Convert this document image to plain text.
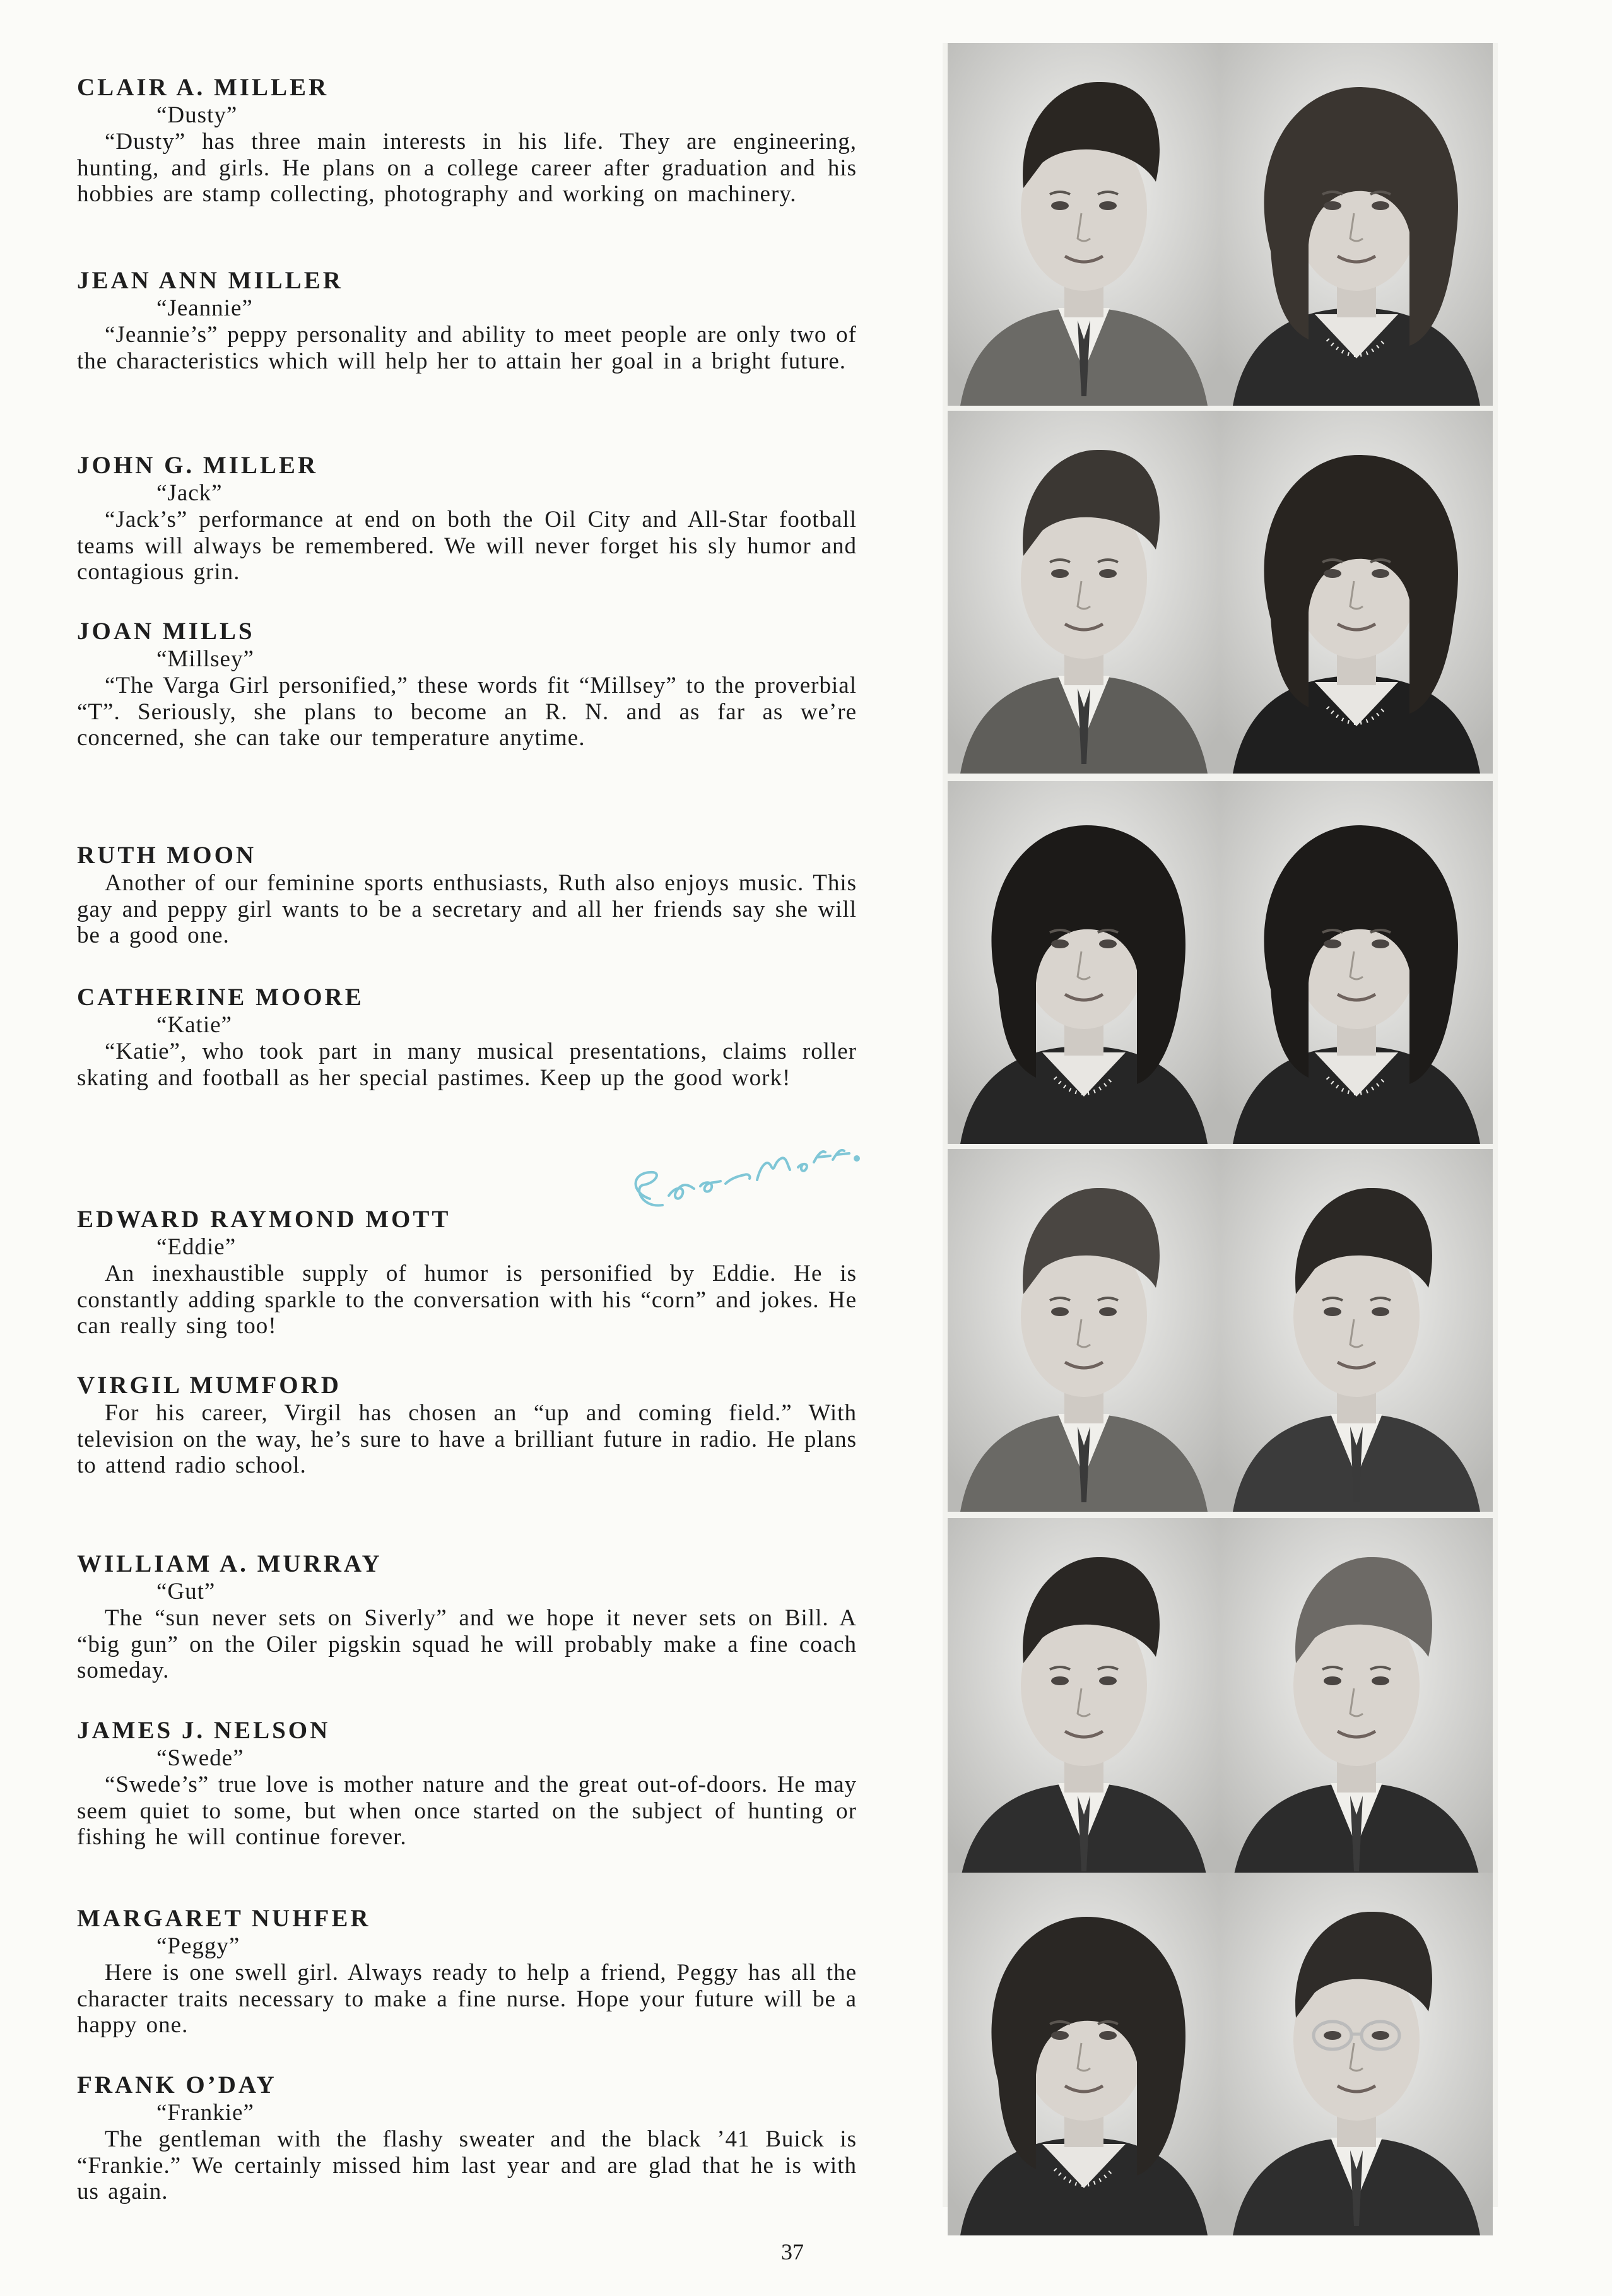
CLAIR A. MILLER

“Dusty”

“Dusty” has three main interests in his life. They are engineering, hunting, and girls. He plans on a college career after graduation and his hobbies are stamp collecting, photography and working on machinery.

JEAN ANN MILLER

“Jeannie”

“Jeannie’s” peppy personality and ability to meet people are only two of the characteristics which will help her to attain her goal in a bright future.

JOHN G. MILLER

“Jack”

“Jack’s” performance at end on both the Oil City and All-Star football teams will always be remembered. We will never forget his sly humor and contagious grin.

JOAN MILLS

“Millsey”

“The Varga Girl personified,” these words fit “Millsey” to the proverbial “T”. Seriously, she plans to become an R. N. and as far as we’re concerned, she can take our temperature anytime.

RUTH MOON

Another of our feminine sports enthusiasts, Ruth also enjoys music. This gay and peppy girl wants to be a secretary and all her friends say she will be a good one.

CATHERINE MOORE

“Katie”

“Katie”, who took part in many musical presentations, claims roller skating and football as her special pastimes. Keep up the good work!

EDWARD RAYMOND MOTT

“Eddie”

An inexhaustible supply of humor is personified by Eddie. He is constantly adding sparkle to the conversation with his “corn” and jokes. He can really sing too!

VIRGIL MUMFORD

For his career, Virgil has chosen an “up and coming field.” With television on the way, he’s sure to have a brilliant future in radio. He plans to attend radio school.

WILLIAM A. MURRAY

“Gut”

The “sun never sets on Siverly” and we hope it never sets on Bill. A “big gun” on the Oiler pigskin squad he will probably make a fine coach someday.

JAMES J. NELSON

“Swede”

“Swede’s” true love is mother nature and the great out-of-doors. He may seem quiet to some, but when once started on the subject of hunting or fishing he will continue forever.

MARGARET NUHFER

“Peggy”

Here is one swell girl. Always ready to help a friend, Peggy has all the character traits necessary to make a fine nurse. Hope your future will be a happy one.

FRANK O’DAY

“Frankie”

The gentleman with the flashy sweater and the black ’41 Buick is “Frankie.” We certainly missed him last year and are glad that he is with us again.

37
